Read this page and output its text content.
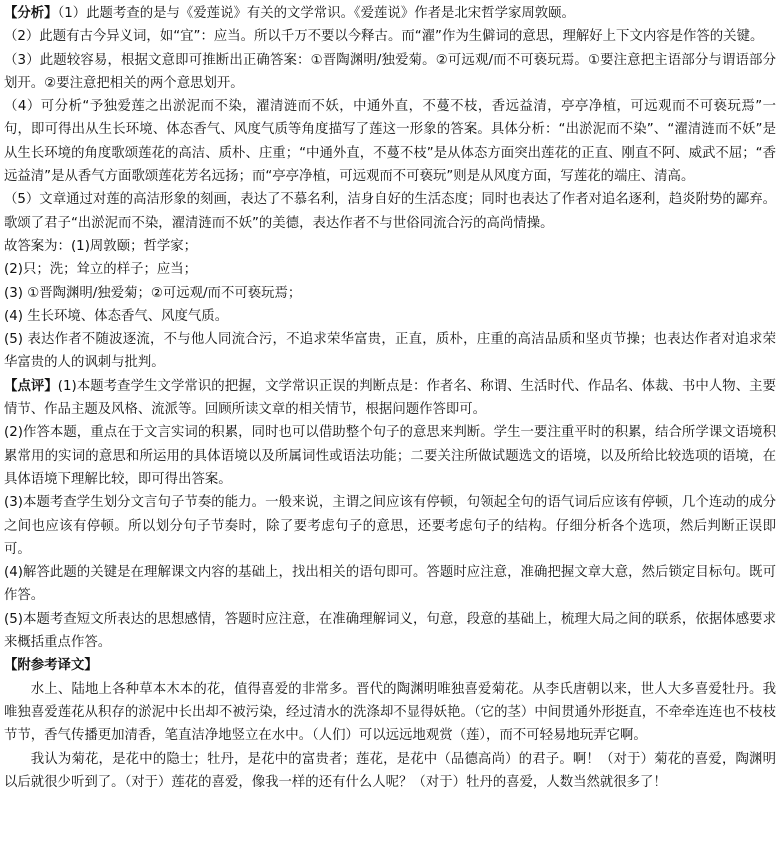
【分析】（1）此题考查的是与《爱莲说》有关的文学常识。《爱莲说》作者是北宋哲学家周敦颐。

（2）此题有古今异义词，如“宜”：应当。所以千万不要以今释古。而“濯”作为生僻词的意思，理解好上下文内容是作答的关键。

（3）此题较容易，根据文意即可推断出正确答案：①晋陶渊明/独爱菊。②可远观/而不可亵玩焉。①要注意把主语部分与谓语部分划开。②要注意把相关的两个意思划开。

（4）可分析“予独爱莲之出淤泥而不染，濯清涟而不妖，中通外直，不蔓不枝，香远益清，亭亭净植，可远观而不可亵玩焉”一句，即可得出从生长环境、体态香气、风度气质等角度描写了莲这一形象的答案。具体分析：“出淤泥而不染”、“濯清涟而不妖”是从生长环境的角度歌颂莲花的高洁、质朴、庄重；“中通外直，不蔓不枝”是从体态方面突出莲花的正直、刚直不阿、威武不屈；“香远益清”是从香气方面歌颂莲花芳名远扬；而“亭亭净植，可远观而不可亵玩”则是从风度方面，写莲花的端庄、清高。

（5）文章通过对莲的高洁形象的刻画，表达了不慕名利，洁身自好的生活态度；同时也表达了作者对追名逐利，趋炎附势的鄙弃。歌颂了君子“出淤泥而不染，濯清涟而不妖”的美德，表达作者不与世俗同流合污的高尚情操。

故答案为：(1)周敦颐；哲学家；

(2)只；洗；耸立的样子；应当；

(3) ①晋陶渊明/独爱菊；②可远观/而不可亵玩焉；

(4) 生长环境、体态香气、风度气质。

(5) 表达作者不随波逐流，不与他人同流合污，不追求荣华富贵，正直，质朴，庄重的高洁品质和坚贞节操；也表达作者对追求荣华富贵的人的讽刺与批判。

【点评】(1)本题考查学生文学常识的把握，文学常识正误的判断点是：作者名、称谓、生活时代、作品名、体裁、书中人物、主要情节、作品主题及风格、流派等。回顾所读文章的相关情节，根据问题作答即可。

(2)作答本题，重点在于文言实词的积累，同时也可以借助整个句子的意思来判断。学生一要注重平时的积累，结合所学课文语境积累常用的实词的意思和所运用的具体语境以及所属词性或语法功能；二要关注所做试题选文的语境，以及所给比较选项的语境，在具体语境下理解比较，即可得出答案。

(3)本题考查学生划分文言句子节奏的能力。一般来说，主谓之间应该有停顿，句领起全句的语气词后应该有停顿，几个连动的成分之间也应该有停顿。所以划分句子节奏时，除了要考虑句子的意思，还要考虑句子的结构。仔细分析各个选项，然后判断正误即可。

(4)解答此题的关键是在理解课文内容的基础上，找出相关的语句即可。答题时应注意，准确把握文章大意，然后锁定目标句。既可作答。

(5)本题考查短文所表达的思想感情，答题时应注意，在准确理解词义，句意，段意的基础上，梳理大局之间的联系，依据体感要求来概括重点作答。

【附参考译文】

水上、陆地上各种草本木本的花，值得喜爱的非常多。晋代的陶渊明唯独喜爱菊花。从李氏唐朝以来，世人大多喜爱牡丹。我唯独喜爱莲花从积存的淤泥中长出却不被污染，经过清水的洗涤却不显得妖艳。（它的茎）中间贯通外形挺直，不牵牵连连也不枝枝节节，香气传播更加清香，笔直洁净地竖立在水中。（人们）可以远远地观赏（莲），而不可轻易地玩弄它啊。

我认为菊花，是花中的隐士；牡丹，是花中的富贵者；莲花，是花中（品德高尚）的君子。啊！（对于）菊花的喜爱，陶渊明以后就很少听到了。（对于）莲花的喜爱，像我一样的还有什么人呢？（对于）牡丹的喜爱，人数当然就很多了！
